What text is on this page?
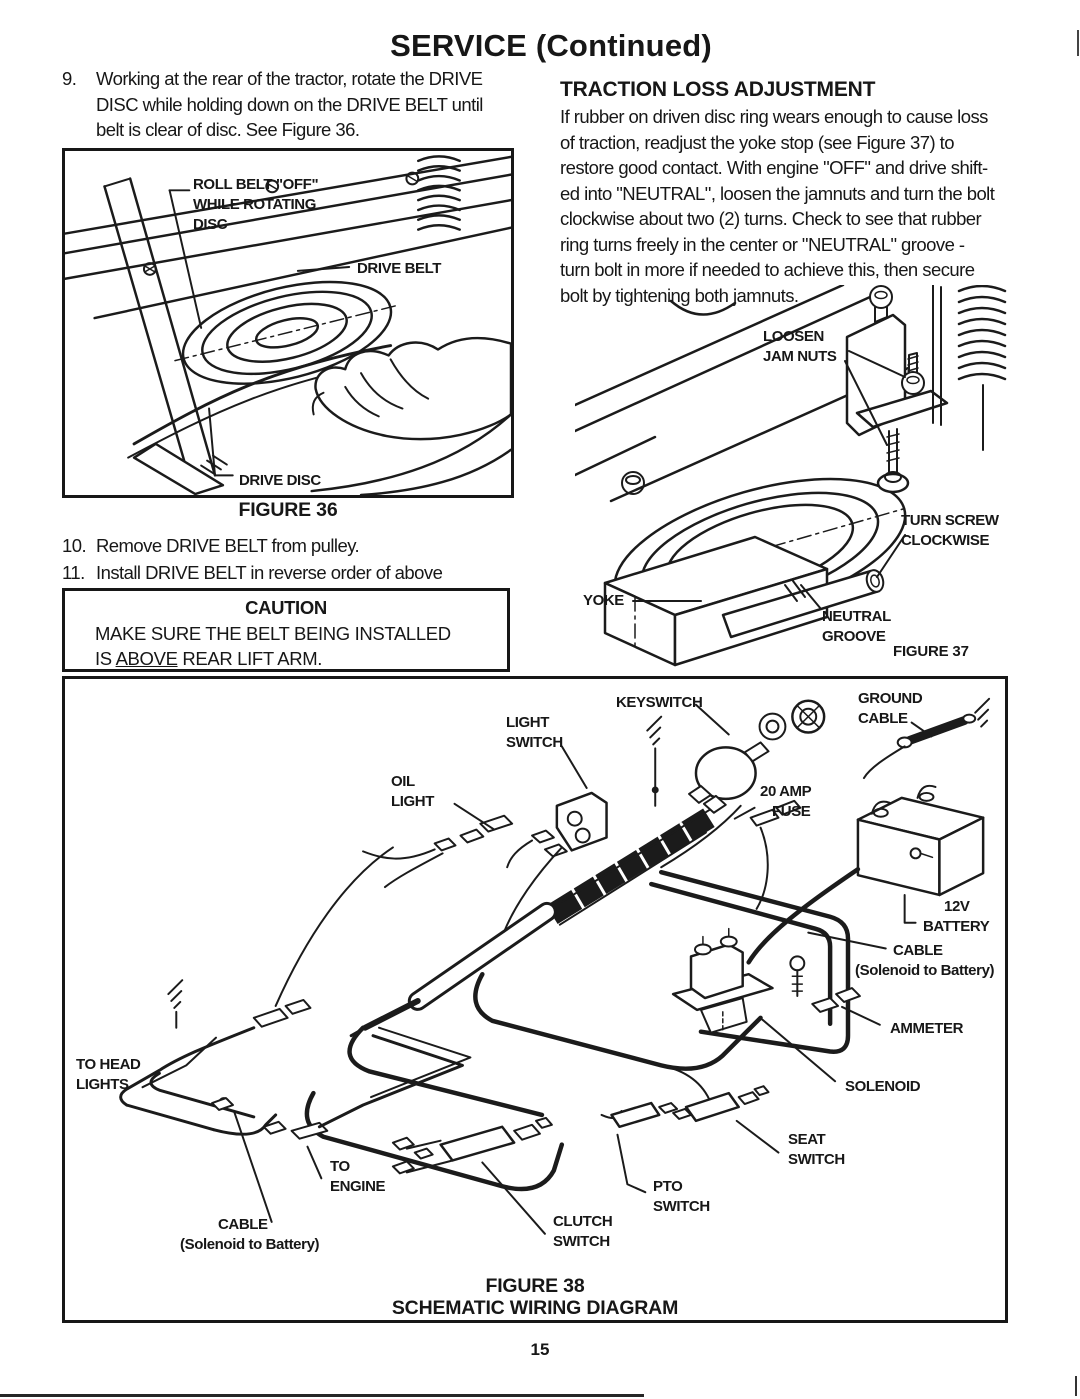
SERVICE (Continued)
9.	Working at the rear of the tractor, rotate the DRIVE
DISC while holding down on the DRIVE BELT until
belt is clear of disc. See Figure 36.
ROLL BELT "OFF"
WHILE ROTATING
DISC
DRIVE BELT
DRIVE DISC
FIGURE 36
10. Remove DRIVE BELT from pulley.
11. Install DRIVE BELT in reverse order of above
CAUTION
MAKE SURE THE BELT BEING INSTALLED
IS ABOVE REAR LIFT ARM.
TRACTION LOSS ADJUSTMENT
If rubber on driven disc ring wears enough to cause loss
of traction, readjust the yoke stop (see Figure 37) to
restore good contact. With engine "OFF" and drive shift-
ed into "NEUTRAL", loosen the jamnuts and turn the bolt
clockwise about two (2) turns. Check to see that rubber
ring turns freely in the center or "NEUTRAL" groove -
turn bolt in more if needed to achieve this, then secure
bolt by tightening both jamnuts.
LOOSEN
JAM NUTS
TURN SCREW
CLOCKWISE
YOKE
NEUTRAL
GROOVE
FIGURE 37
KEYSWITCH	GROUND
CABLE
LIGHT
SWITCH
OIL
LIGHT
20 AMP
FUSE
12V
BATTERY
CABLE
(Solenoid to Battery)
AMMETER
SOLENOID
SEAT
SWITCH
PTO
SWITCH
CLUTCH
SWITCH
TO
ENGINE
TO HEAD
LIGHTS
CABLE
(Solenoid to Battery)
FIGURE 38
SCHEMATIC WIRING DIAGRAM
15
